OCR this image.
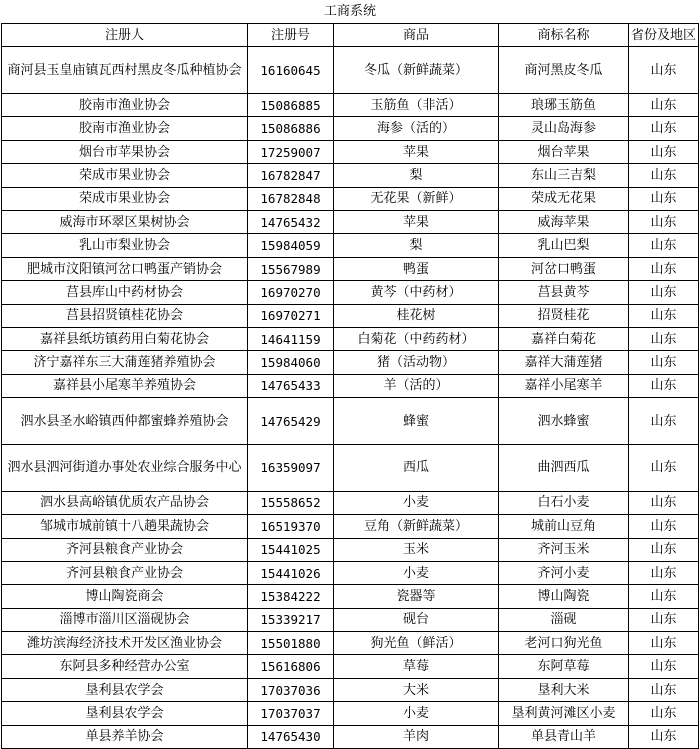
工商系统				
注册人	注册号	商品	商标名称	省份及地区
商河县玉皇庙镇瓦西村黑皮冬瓜种植协会	16160645	冬瓜（新鲜蔬菜）	商河黑皮冬瓜	山东
胶南市渔业协会	15086885	玉筋鱼（非活）	琅琊玉筋鱼	山东
胶南市渔业协会	15086886	海参（活的）	灵山岛海参	山东
烟台市苹果协会	17259007	苹果	烟台苹果	山东
荣成市果业协会	16782847	梨	东山三吉梨	山东
荣成市果业协会	16782848	无花果（新鲜）	荣成无花果	山东
威海市环翠区果树协会	14765432	苹果	威海苹果	山东
乳山市梨业协会	15984059	梨	乳山巴梨	山东
肥城市汶阳镇河岔口鸭蛋产销协会	15567989	鸭蛋	河岔口鸭蛋	山东
莒县库山中药材协会	16970270	黄芩（中药材）	莒县黄芩	山东
莒县招贤镇桂花协会	16970271	桂花树	招贤桂花	山东
嘉祥县纸坊镇药用白菊花协会	14641159	白菊花（中药药材）	嘉祥白菊花	山东
济宁嘉祥东三大蒲莲猪养殖协会	15984060	猪（活动物）	嘉祥大蒲莲猪	山东
嘉祥县小尾寒羊养殖协会	14765433	羊（活的）	嘉祥小尾寒羊	山东
泗水县圣水峪镇西仲都蜜蜂养殖协会	14765429	蜂蜜	泗水蜂蜜	山东
泗水县泗河街道办事处农业综合服务中心	16359097	西瓜	曲泗西瓜	山东
泗水县高峪镇优质农产品协会	15558652	小麦	白石小麦	山东
邹城市城前镇十八趟果蔬协会	16519370	豆角（新鲜蔬菜）	城前山豆角	山东
齐河县粮食产业协会	15441025	玉米	齐河玉米	山东
齐河县粮食产业协会	15441026	小麦	齐河小麦	山东
博山陶瓷商会	15384222	瓷器等	博山陶瓷	山东
淄博市淄川区淄砚协会	15339217	砚台	淄砚	山东
潍坊滨海经济技术开发区渔业协会	15501880	狗光鱼（鲜活）	老河口狗光鱼	山东
东阿县多种经营办公室	15616806	草莓	东阿草莓	山东
垦利县农学会	17037036	大米	垦利大米	山东
垦利县农学会	17037037	小麦	垦利黄河滩区小麦	山东
单县养羊协会	14765430	羊肉	单县青山羊	山东
